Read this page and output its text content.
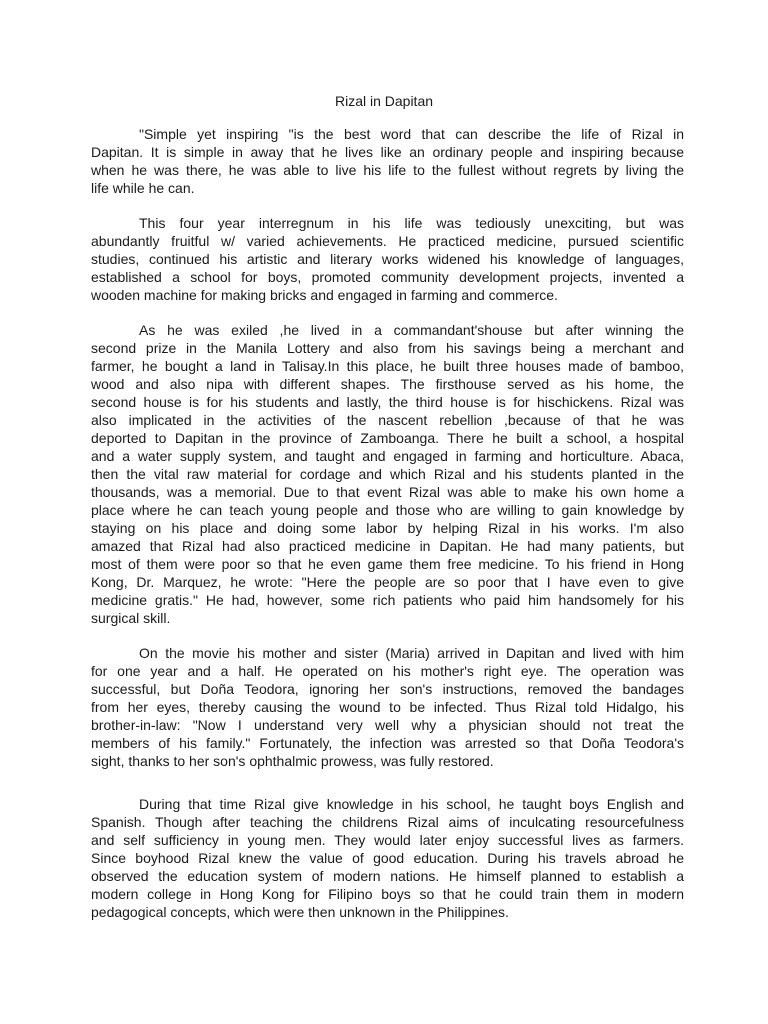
Rizal in Dapitan
"Simple yet inspiring "is the best word that can describe the life of Rizal in
Dapitan. It is simple in away that he lives like an ordinary people and inspiring because
when he was there, he was able to live his life to the fullest without regrets by living the
life while he can.
This four year interregnum in his life was tediously unexciting, but was
abundantly fruitful w/ varied achievements. He practiced medicine, pursued scientific
studies, continued his artistic and literary works widened his knowledge of languages,
established a school for boys, promoted community development projects, invented a
wooden machine for making bricks and engaged in farming and commerce.
As he was exiled ,he lived in a commandant'shouse but after winning the
second prize in the Manila Lottery and also from his savings being a merchant and
farmer, he bought a land in Talisay.In this place, he built three houses made of bamboo,
wood and also nipa with different shapes. The firsthouse served as his home, the
second house is for his students and lastly, the third house is for hischickens. Rizal was
also implicated in the activities of the nascent rebellion ,because of that he was
deported to Dapitan in the province of Zamboanga. There he built a school, a hospital
and a water supply system, and taught and engaged in farming and horticulture. Abaca,
then the vital raw material for cordage and which Rizal and his students planted in the
thousands, was a memorial. Due to that event Rizal was able to make his own home a
place where he can teach young people and those who are willing to gain knowledge by
staying on his place and doing some labor by helping Rizal in his works. I'm also
amazed that Rizal had also practiced medicine in Dapitan. He had many patients, but
most of them were poor so that he even game them free medicine. To his friend in Hong
Kong, Dr. Marquez, he wrote: "Here the people are so poor that I have even to give
medicine gratis." He had, however, some rich patients who paid him handsomely for his
surgical skill.
On the movie his mother and sister (Maria) arrived in Dapitan and lived with him
for one year and a half. He operated on his mother's right eye. The operation was
successful, but Doña Teodora, ignoring her son's instructions, removed the bandages
from her eyes, thereby causing the wound to be infected. Thus Rizal told Hidalgo, his
brother-in-law: "Now I understand very well why a physician should not treat the
members of his family." Fortunately, the infection was arrested so that Doña Teodora's
sight, thanks to her son's ophthalmic prowess, was fully restored.
During that time Rizal give knowledge in his school, he taught boys English and
Spanish. Though after teaching the childrens Rizal aims of inculcating resourcefulness
and self sufficiency in young men. They would later enjoy successful lives as farmers.
Since boyhood Rizal knew the value of good education. During his travels abroad he
observed the education system of modern nations. He himself planned to establish a
modern college in Hong Kong for Filipino boys so that he could train them in modern
pedagogical concepts, which were then unknown in the Philippines.
